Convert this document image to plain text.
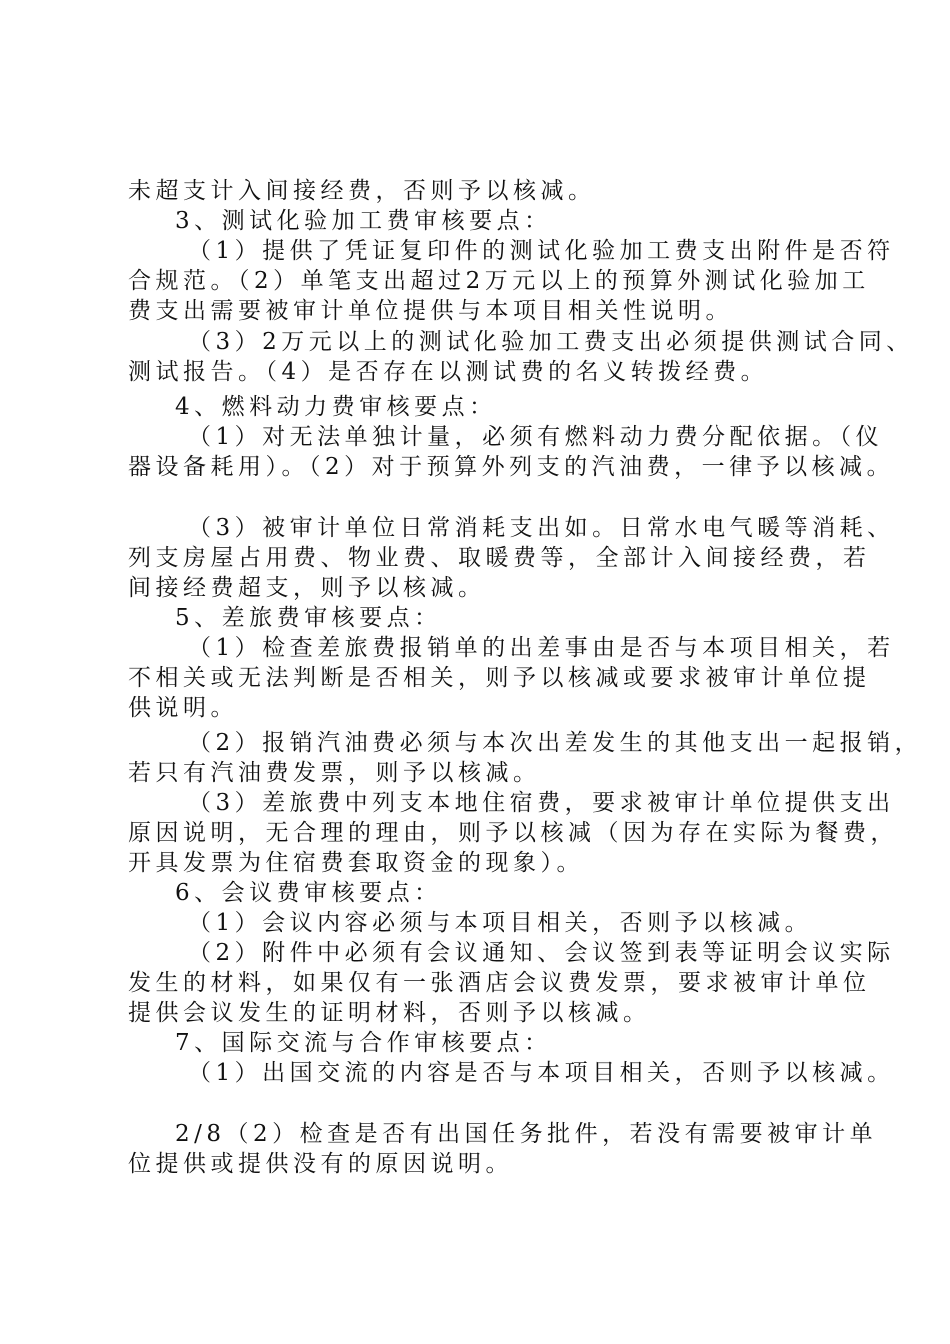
未超支计入间接经费，否则予以核减。

3、测试化验加工费审核要点：

（1）提供了凭证复印件的测试化验加工费支出附件是否符

合规范。（2）单笔支出超过2万元以上的预算外测试化验加工

费支出需要被审计单位提供与本项目相关性说明。

（3）2万元以上的测试化验加工费支出必须提供测试合同、

测试报告。（4）是否存在以测试费的名义转拨经费。

4、燃料动力费审核要点：

（1）对无法单独计量，必须有燃料动力费分配依据。（仪

器设备耗用）。（2）对于预算外列支的汽油费，一律予以核减。

（3）被审计单位日常消耗支出如。日常水电气暖等消耗、

列支房屋占用费、物业费、取暖费等，全部计入间接经费，若

间接经费超支，则予以核减。

5、差旅费审核要点：

（1）检查差旅费报销单的出差事由是否与本项目相关，若

不相关或无法判断是否相关，则予以核减或要求被审计单位提

供说明。

（2）报销汽油费必须与本次出差发生的其他支出一起报销，

若只有汽油费发票，则予以核减。

（3）差旅费中列支本地住宿费，要求被审计单位提供支出

原因说明，无合理的理由，则予以核减（因为存在实际为餐费，

开具发票为住宿费套取资金的现象）。

6、会议费审核要点：

（1）会议内容必须与本项目相关，否则予以核减。

（2）附件中必须有会议通知、会议签到表等证明会议实际

发生的材料，如果仅有一张酒店会议费发票，要求被审计单位

提供会议发生的证明材料，否则予以核减。

7、国际交流与合作审核要点：

（1）出国交流的内容是否与本项目相关，否则予以核减。

2/8（2）检查是否有出国任务批件，若没有需要被审计单

位提供或提供没有的原因说明。
